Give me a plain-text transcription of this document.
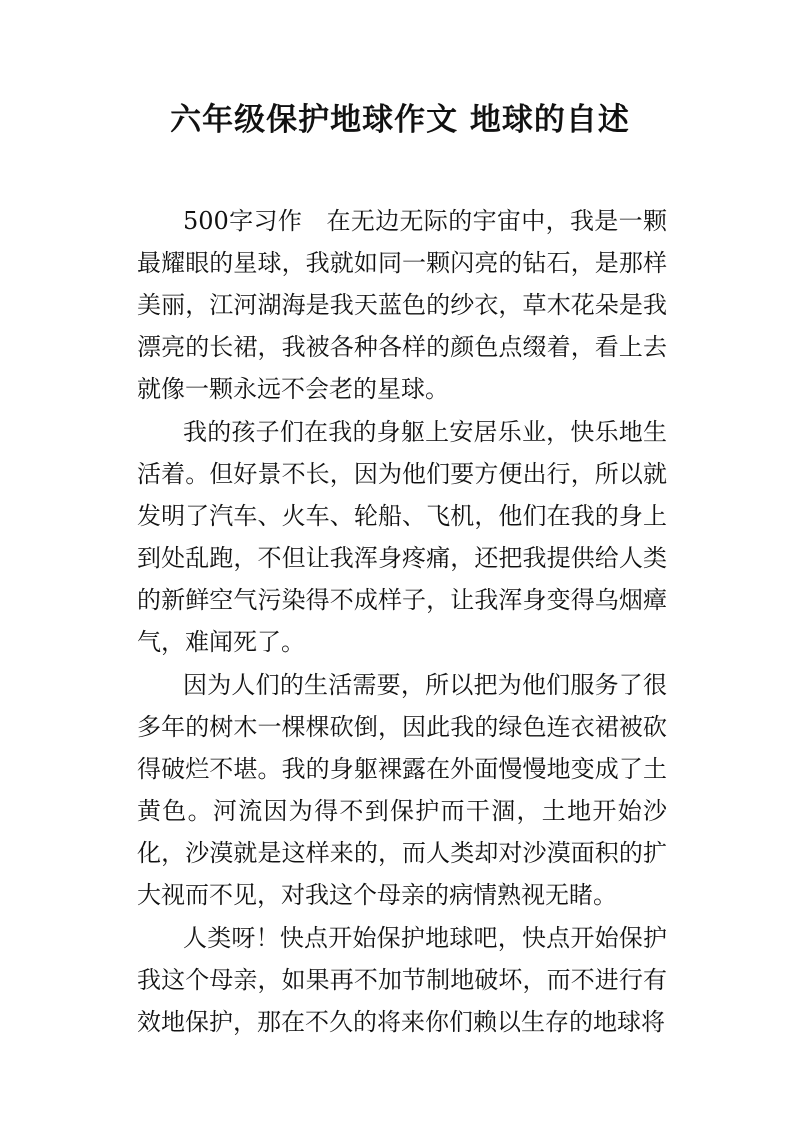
六年级保护地球作文 地球的自述

500字习作 在无边无际的宇宙中，我是一颗最耀眼的星球，我就如同一颗闪亮的钻石，是那样美丽，江河湖海是我天蓝色的纱衣，草木花朵是我漂亮的长裙，我被各种各样的颜色点缀着，看上去就像一颗永远不会老的星球。

我的孩子们在我的身躯上安居乐业，快乐地生活着。但好景不长，因为他们要方便出行，所以就发明了汽车、火车、轮船、飞机，他们在我的身上到处乱跑，不但让我浑身疼痛，还把我提供给人类的新鲜空气污染得不成样子，让我浑身变得乌烟瘴气，难闻死了。

因为人们的生活需要，所以把为他们服务了很多年的树木一棵棵砍倒，因此我的绿色连衣裙被砍得破烂不堪。我的身躯裸露在外面慢慢地变成了土黄色。河流因为得不到保护而干涸，土地开始沙化，沙漠就是这样来的，而人类却对沙漠面积的扩大视而不见，对我这个母亲的病情熟视无睹。

人类呀！快点开始保护地球吧，快点开始保护我这个母亲，如果再不加节制地破坏，而不进行有效地保护，那在不久的将来你们赖以生存的地球将
